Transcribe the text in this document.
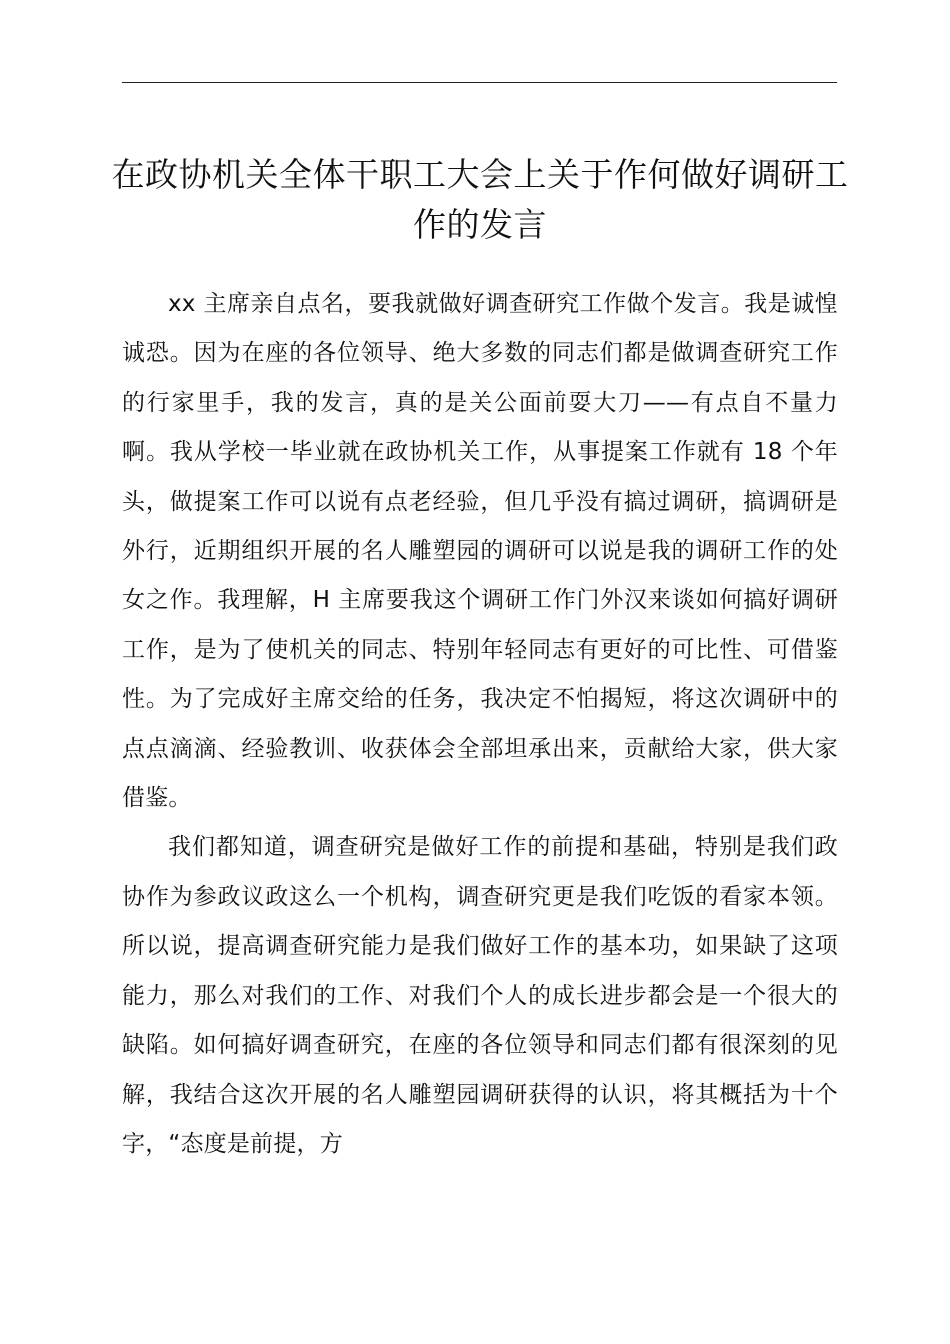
在政协机关全体干职工大会上关于作何做好调研工作的发言

xx 主席亲自点名，要我就做好调查研究工作做个发言。我是诚惶诚恐。因为在座的各位领导、绝大多数的同志们都是做调查研究工作的行家里手，我的发言，真的是关公面前耍大刀——有点自不量力啊。我从学校一毕业就在政协机关工作，从事提案工作就有 18 个年头，做提案工作可以说有点老经验，但几乎没有搞过调研，搞调研是外行，近期组织开展的名人雕塑园的调研可以说是我的调研工作的处女之作。我理解，H 主席要我这个调研工作门外汉来谈如何搞好调研工作，是为了使机关的同志、特别年轻同志有更好的可比性、可借鉴性。为了完成好主席交给的任务，我决定不怕揭短，将这次调研中的点点滴滴、经验教训、收获体会全部坦承出来，贡献给大家，供大家借鉴。

我们都知道，调查研究是做好工作的前提和基础，特别是我们政协作为参政议政这么一个机构，调查研究更是我们吃饭的看家本领。所以说，提高调查研究能力是我们做好工作的基本功，如果缺了这项能力，那么对我们的工作、对我们个人的成长进步都会是一个很大的缺陷。如何搞好调查研究，在座的各位领导和同志们都有很深刻的见解，我结合这次开展的名人雕塑园调研获得的认识，将其概括为十个字，“态度是前提，方
